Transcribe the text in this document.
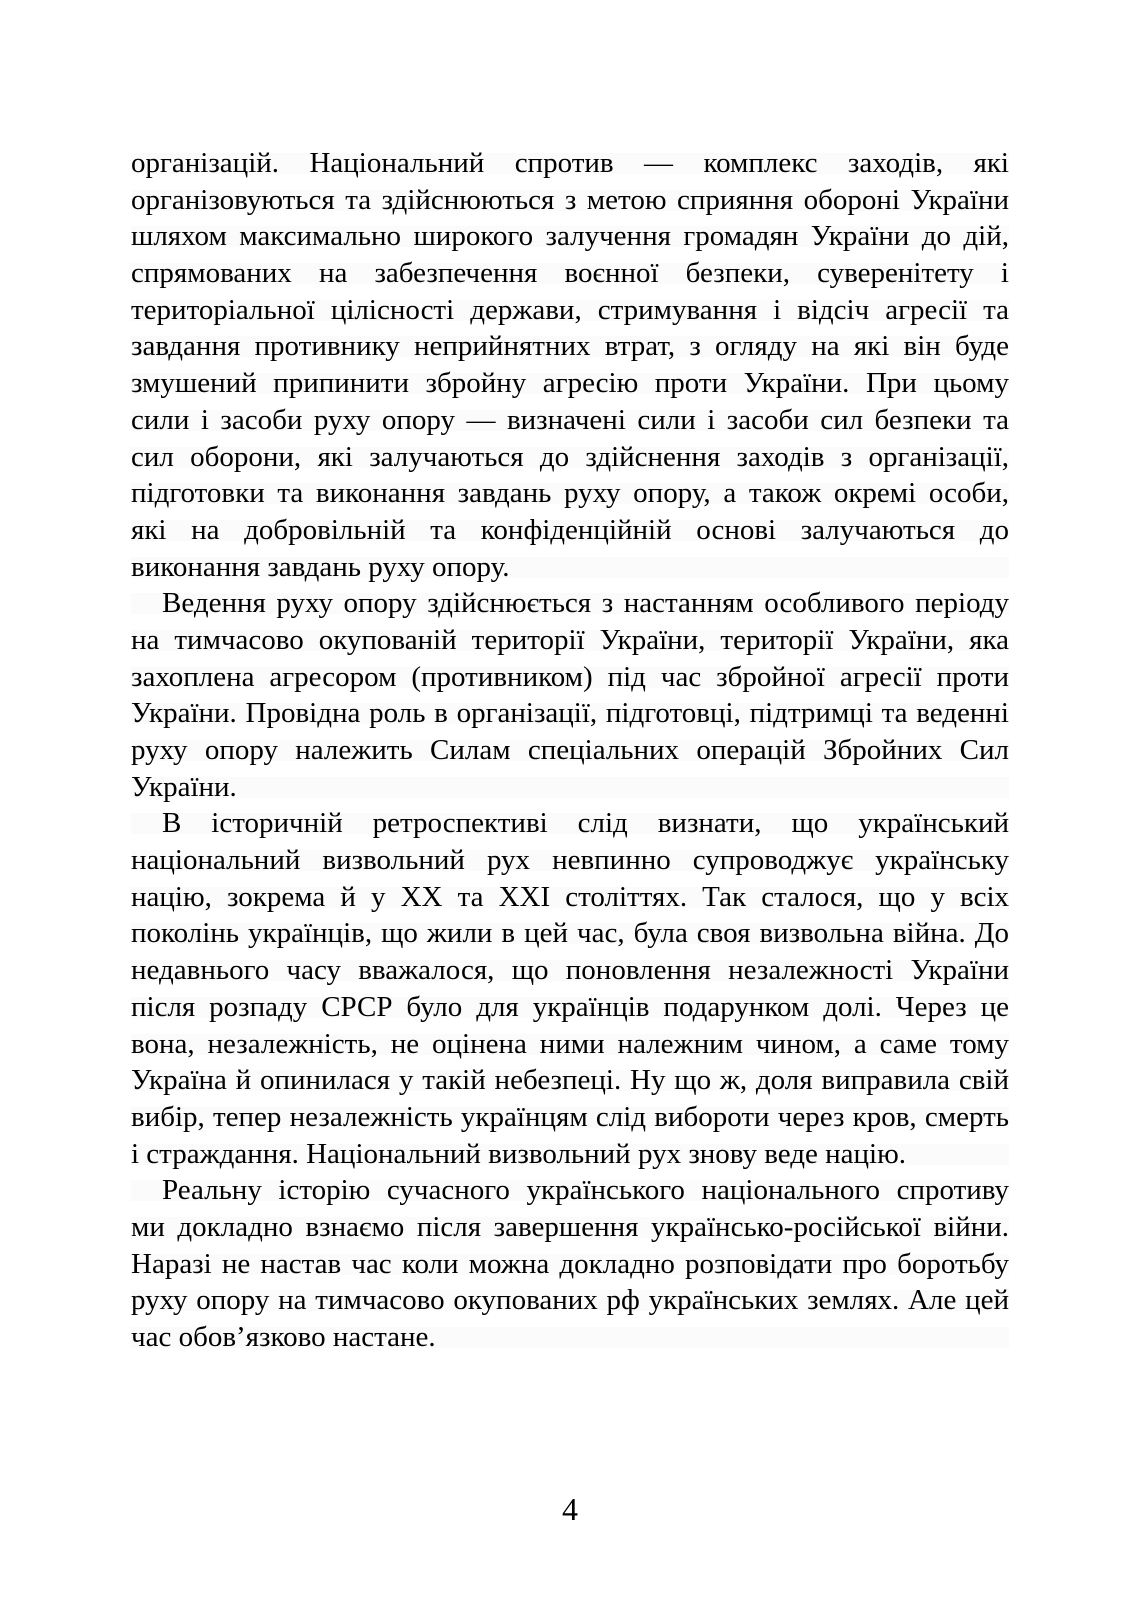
організацій. Національний спротив — комплекс заходів, які
організовуються та здійснюються з метою сприяння обороні України
шляхом максимально широкого залучення громадян України до дій,
спрямованих на забезпечення воєнної безпеки, суверенітету і
територіальної цілісності держави, стримування і відсіч агресії та
завдання противнику неприйнятних втрат, з огляду на які він буде
змушений припинити збройну агресію проти України. При цьому
сили і засоби руху опору — визначені сили і засоби сил безпеки та
сил оборони, які залучаються до здійснення заходів з організації,
підготовки та виконання завдань руху опору, а також окремі особи,
які на добровільній та конфіденційній основі залучаються до
виконання завдань руху опору.
Ведення руху опору здійснюється з настанням особливого періоду
на тимчасово окупованій території України, території України, яка
захоплена агресором (противником) під час збройної агресії проти
України. Провідна роль в організації, підготовці, підтримці та веденні
руху опору належить Силам спеціальних операцій Збройних Сил
України.
В історичній ретроспективі слід визнати, що український
національний визвольний рух невпинно супроводжує українську
націю, зокрема й у XX та XXI століттях. Так сталося, що у всіх
поколінь українців, що жили в цей час, була своя визвольна війна. До
недавнього часу вважалося, що поновлення незалежності України
після розпаду СРСР було для українців подарунком долі. Через це
вона, незалежність, не оцінена ними належним чином, а саме тому
Україна й опинилася у такій небезпеці. Ну що ж, доля виправила свій
вибір, тепер незалежність українцям слід вибороти через кров, смерть
і страждання. Національний визвольний рух знову веде націю.
Реальну історію сучасного українського національного спротиву
ми докладно взнаємо після завершення українсько-російської війни.
Наразі не настав час коли можна докладно розповідати про боротьбу
руху опору на тимчасово окупованих рф українських землях. Але цей
час обов’язково настане.
4
